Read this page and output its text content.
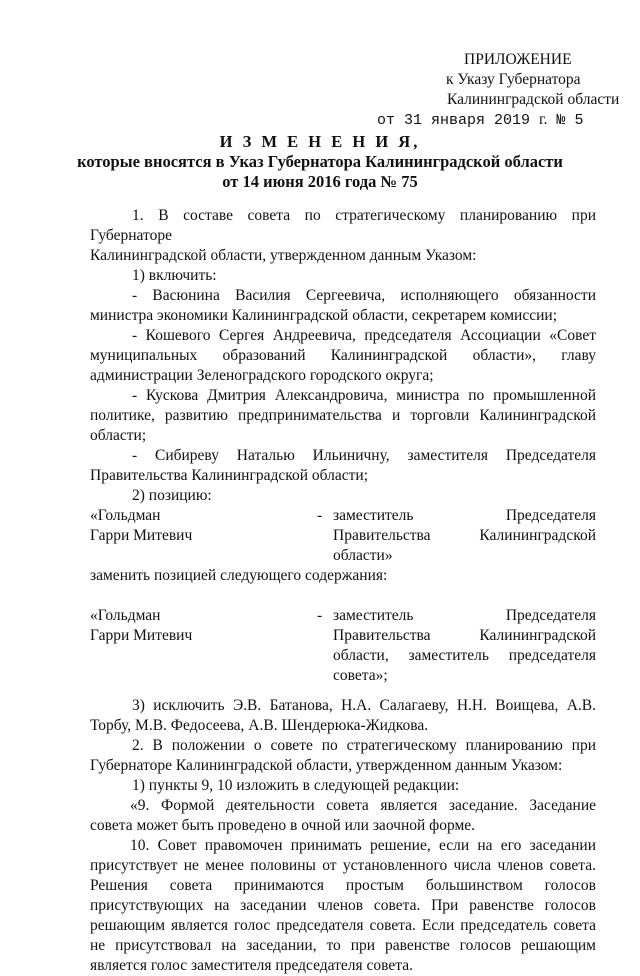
ПРИЛОЖЕНИЕ
к Указу Губернатора
Калининградской области
от 31 января 2019 г. № 5
И З М Е Н Е Н И Я,
которые вносятся в Указ Губернатора Калининградской области
от 14 июня 2016 года № 75
1. В составе совета по стратегическому планированию при Губернаторе
Калининградской области, утвержденном данным Указом:
1) включить:
- Васюнина Василия Сергеевича, исполняющего обязанности министра экономики Калининградской области, секретарем комиссии;
- Кошевого Сергея Андреевича, председателя Ассоциации «Совет муниципальных образований Калининградской области», главу администрации Зеленоградского городского округа;
- Кускова Дмитрия Александровича, министра по промышленной политике, развитию предпринимательства и торговли Калининградской области;
- Сибиреву Наталью Ильиничну, заместителя Председателя Правительства Калининградской области;
2) позицию:
«Гольдман
Гарри Митевич
- заместитель Председателя Правительства Калининградской области»
заменить позицией следующего содержания:
«Гольдман
Гарри Митевич
- заместитель Председателя Правительства Калининградской области, заместитель председателя совета»;
3) исключить Э.В. Батанова, Н.А. Салагаеву, Н.Н. Воищева, А.В. Торбу, М.В. Федосеева, А.В. Шендерюка-Жидкова.
2. В положении о совете по стратегическому планированию при Губернаторе Калининградской области, утвержденном данным Указом:
1) пункты 9, 10 изложить в следующей редакции:
«9. Формой деятельности совета является заседание. Заседание совета может быть проведено в очной или заочной форме.
10. Совет правомочен принимать решение, если на его заседании присутствует не менее половины от установленного числа членов совета. Решения совета принимаются простым большинством голосов присутствующих на заседании членов совета. При равенстве голосов решающим является голос председателя совета. Если председатель совета не присутствовал на заседании, то при равенстве голосов решающим является голос заместителя председателя совета.
